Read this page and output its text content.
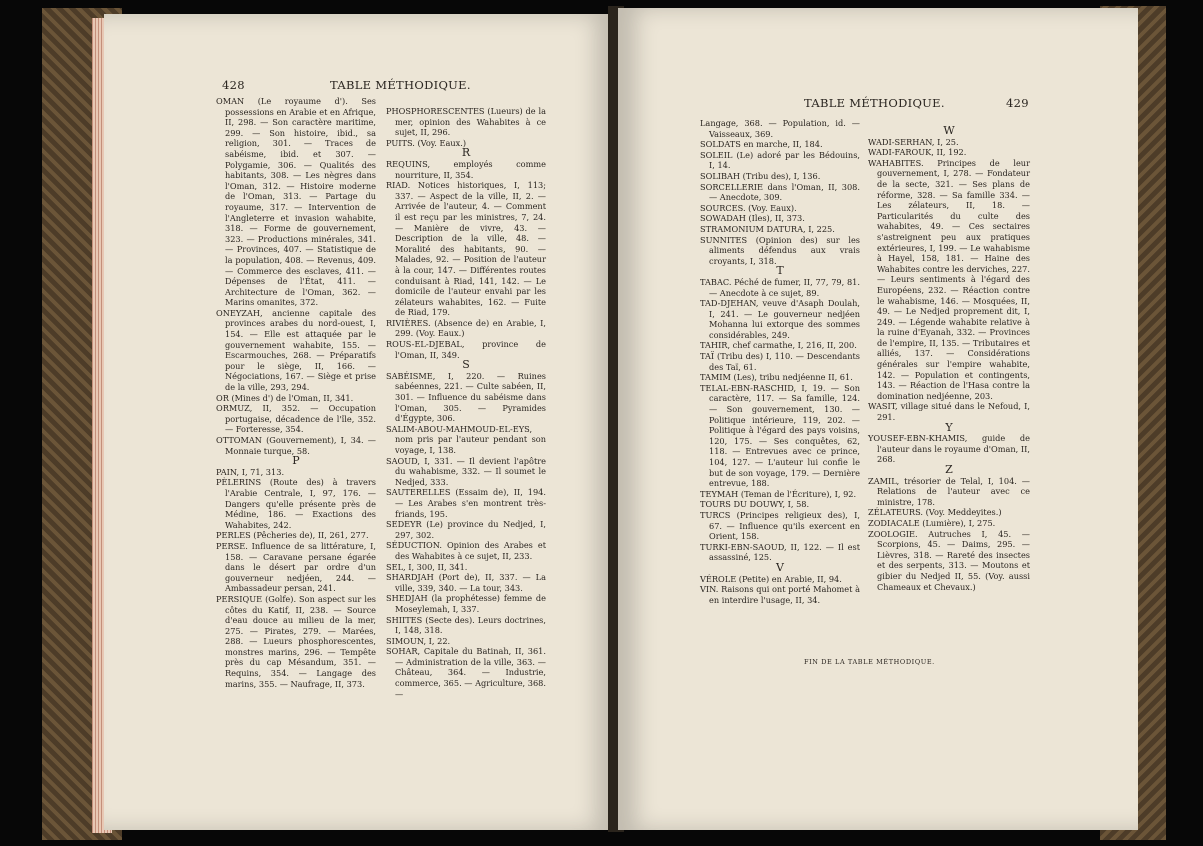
428	TABLE MÉTHODIQUE.

OMAN (Le royaume d'). Ses possessions en Arabie et en Afrique, II, 298. — Son caractère maritime, 299. — Son histoire, ibid., sa religion, 301. — Traces de sabéisme, ibid. et 307. — Polygamie, 306. — Qualités des habitants, 308. — Les nègres dans l'Oman, 312. — Histoire moderne de l'Oman, 313. — Partage du royaume, 317. — Intervention de l'Angleterre et invasion wahabite, 318. — Forme de gouvernement, 323. — Productions minérales, 341. — Provinces, 407. — Statistique de la population, 408. — Revenus, 409. — Commerce des esclaves, 411. — Dépenses de l'État, 411. — Architecture de l'Oman, 362. — Marins omanites, 372.

ONEYZAH, ancienne capitale des provinces arabes du nord-ouest, I, 154. — Elle est attaquée par le gouvernement wahabite, 155. — Escarmouches, 268. — Préparatifs pour le siège, II, 166. — Négociations, 167. — Siège et prise de la ville, 293, 294.

OR (Mines d') de l'Oman, II, 341.

ORMUZ, II, 352. — Occupation portugaise, décadence de l'île, 352. — Forteresse, 354.

OTTOMAN (Gouvernement), I, 34. — Monnaie turque, 58.

P

PAIN, I, 71, 313.

PÈLERINS (Route des) à travers l'Arabie Centrale, I, 97, 176. — Dangers qu'elle présente près de Médine, 186. — Exactions des Wahabites, 242.

PERLES (Pêcheries de), II, 261, 277.

PERSE. Influence de sa littérature, I, 158. — Caravane persane égarée dans le désert par ordre d'un gouverneur nedjéen, 244. — Ambassadeur persan, 241.

PERSIQUE (Golfe). Son aspect sur les côtes du Katif, II, 238. — Source d'eau douce au milieu de la mer, 275. — Pirates, 279. — Marées, 288. — Lueurs phosphorescentes, monstres marins, 296. — Tempête près du cap Mésandum, 351. — Requins, 354. — Langage des marins, 355. — Naufrage, II, 373.

PHOSPHORESCENTES (Lueurs) de la mer, opinion des Wahabites à ce sujet, II, 296.

PUITS. (Voy. Eaux.)

R

REQUINS, employés comme nourriture, II, 354.

RIAD. Notices historiques, I, 113; 337. — Aspect de la ville, II, 2. — Arrivée de l'auteur, 4. — Comment il est reçu par les ministres, 7, 24. — Manière de vivre, 43. — Description de la ville, 48. — Moralité des habitants, 90. — Malades, 92. — Position de l'auteur à la cour, 147. — Différentes routes conduisant à Riad, 141, 142. — Le domicile de l'auteur envahi par les zélateurs wahabites, 162. — Fuite de Riad, 179.

RIVIÈRES. (Absence de) en Arabie, I, 299. (Voy. Eaux.)

ROUS-EL-DJEBAL, province de l'Oman, II, 349.

S

SABÉISME, I, 220. — Ruines sabéennes, 221. — Culte sabéen, II, 301. — Influence du sabéisme dans l'Oman, 305. — Pyramides d'Égypte, 306.

SALIM-ABOU-MAHMOUD-EL-EYS, nom pris par l'auteur pendant son voyage, I, 138.

SAOUD, I, 331. — Il devient l'apôtre du wahabisme, 332. — Il soumet le Nedjed, 333.

SAUTERELLES (Essaim de), II, 194. — Les Arabes s'en montrent très-friands, 195.

SEDEYR (Le) province du Nedjed, I, 297, 302.

SÉDUCTION. Opinion des Arabes et des Wahabites à ce sujet, II, 233.

SEL, I, 300, II, 341.

SHARDJAH (Port de), II, 337. — La ville, 339, 340. — La tour, 343.

SHEDJAH (la prophétesse) femme de Moseylemah, I, 337.

SHIITES (Secte des). Leurs doctrines, I, 148, 318.

SIMOUN, I, 22.

SOHAR, Capitale du Batinah, II, 361. — Administration de la ville, 363. — Château, 364. — Industrie, commerce, 365. — Agriculture, 368. —

TABLE MÉTHODIQUE.	429

Langage, 368. — Population, id. — Vaisseaux, 369.

SOLDATS en marche, II, 184.

SOLEIL (Le) adoré par les Bédouins, I, 14.

SOLIBAH (Tribu des), I, 136.

SORCELLERIE dans l'Oman, II, 308. — Anecdote, 309.

SOURCES. (Voy. Eaux).

SOWADAH (Iles), II, 373.

STRAMONIUM DATURA, I, 225.

SUNNITES (Opinion des) sur les aliments défendus aux vrais croyants, I, 318.

T

TABAC. Péché de fumer, II, 77, 79, 81. — Anecdote à ce sujet, 89.

TAD-DJEHAN, veuve d'Asaph Doulah, I, 241. — Le gouverneur nedjéen Mohanna lui extorque des sommes considérables, 249.

TAHIR, chef carmathe, I, 216, II, 200.

TAÏ (Tribu des) I, 110. — Descendants des Taï, 61.

TAMIM (Les), tribu nedjéenne II, 61.

TELAL-EBN-RASCHID, I, 19. — Son caractère, 117. — Sa famille, 124. — Son gouvernement, 130. — Politique intérieure, 119, 202. — Politique à l'égard des pays voisins, 120, 175. — Ses conquêtes, 62, 118. — Entrevues avec ce prince, 104, 127. — L'auteur lui confie le but de son voyage, 179. — Dernière entrevue, 188.

TEYMAH (Teman de l'Écriture), I, 92.

TOURS DU DOUWY, I, 58.

TURCS (Principes religieux des), I, 67. — Influence qu'ils exercent en Orient, 158.

TURKI-EBN-SAOUD, II, 122. — Il est assassiné, 125.

V

VÉROLE (Petite) en Arabie, II, 94.

VIN. Raisons qui ont porté Mahomet à en interdire l'usage, II, 34.

W

WADI-SERHAN, I, 25.

WADI-FAROUK, II, 192.

WAHABITES. Principes de leur gouvernement, I, 278. — Fondateur de la secte, 321. — Ses plans de réforme, 328. — Sa famille 334. — Les zélateurs, II, 18. — Particularités du culte des wahabites, 49. — Ces sectaires s'astreignent peu aux pratiques extérieures, I, 199. — Le wahabisme à Hayel, 158, 181. — Haine des Wahabites contre les derviches, 227. — Leurs sentiments à l'égard des Européens, 232. — Réaction contre le wahabisme, 146. — Mosquées, II, 49. — Le Nedjed proprement dit, I, 249. — Légende wahabite relative à la ruine d'Eyanah, 332. — Provinces de l'empire, II, 135. — Tributaires et alliés, 137. — Considérations générales sur l'empire wahabite, 142. — Population et contingents, 143. — Réaction de l'Hasa contre la domination nedjéenne, 203.

WASIT, village situé dans le Nefoud, I, 291.

Y

YOUSEF-EBN-KHAMIS, guide de l'auteur dans le royaume d'Oman, II, 268.

Z

ZAMIL, trésorier de Telal, I, 104. — Relations de l'auteur avec ce ministre, 178.

ZÉLATEURS. (Voy. Meddeyites.)

ZODIACALE (Lumière), I, 275.

ZOOLOGIE. Autruches I, 45. — Scorpions, 45. — Daims, 295. — Lièvres, 318. — Rareté des insectes et des serpents, 313. — Moutons et gibier du Nedjed II, 55. (Voy. aussi Chameaux et Chevaux.)

FIN DE LA TABLE MÉTHODIQUE.
